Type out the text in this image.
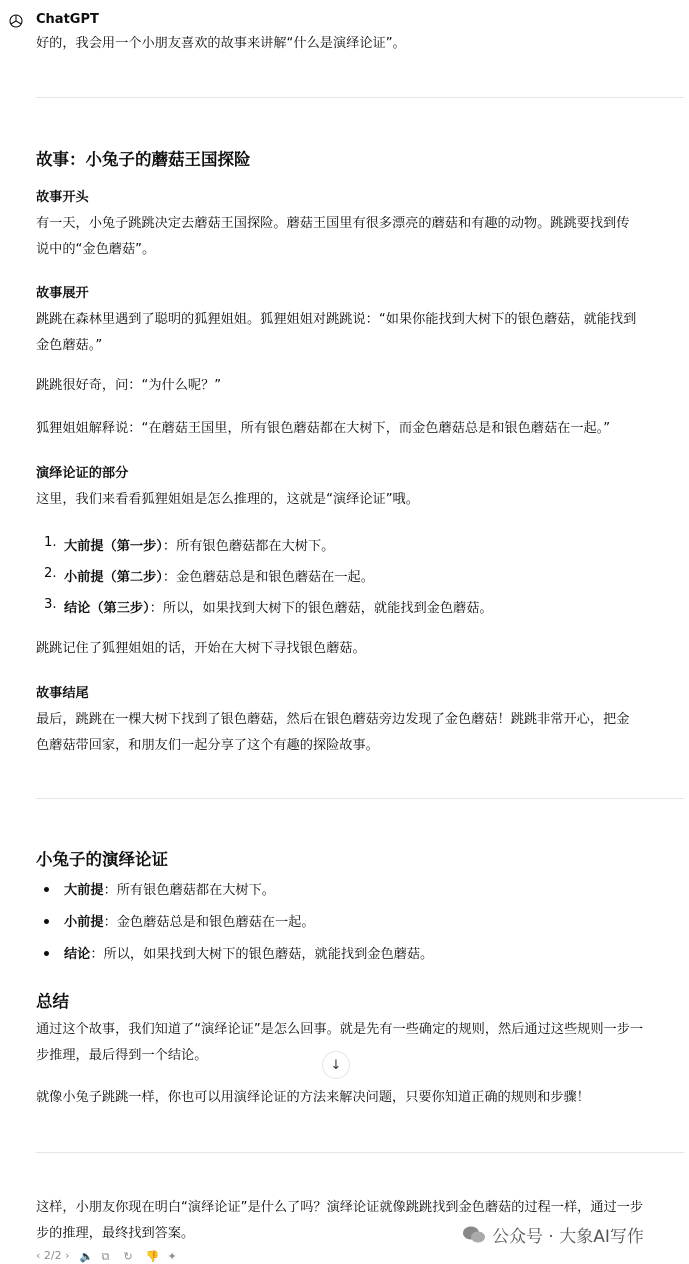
ChatGPT
好的，我会用一个小朋友喜欢的故事来讲解“什么是演绎论证”。
故事：小兔子的蘑菇王国探险
故事开头
有一天，小兔子跳跳决定去蘑菇王国探险。蘑菇王国里有很多漂亮的蘑菇和有趣的动物。跳跳要找到传
说中的“金色蘑菇”。
故事展开
跳跳在森林里遇到了聪明的狐狸姐姐。狐狸姐姐对跳跳说：“如果你能找到大树下的银色蘑菇，就能找到
金色蘑菇。”
跳跳很好奇，问：“为什么呢？”
狐狸姐姐解释说：“在蘑菇王国里，所有银色蘑菇都在大树下，而金色蘑菇总是和银色蘑菇在一起。”
演绎论证的部分
这里，我们来看看狐狸姐姐是怎么推理的，这就是“演绎论证”哦。
1. 大前提（第一步）：所有银色蘑菇都在大树下。
2. 小前提（第二步）：金色蘑菇总是和银色蘑菇在一起。
3. 结论（第三步）：所以，如果找到大树下的银色蘑菇，就能找到金色蘑菇。
跳跳记住了狐狸姐姐的话，开始在大树下寻找银色蘑菇。
故事结尾
最后，跳跳在一棵大树下找到了银色蘑菇，然后在银色蘑菇旁边发现了金色蘑菇！跳跳非常开心，把金
色蘑菇带回家，和朋友们一起分享了这个有趣的探险故事。
小兔子的演绎论证
大前提：所有银色蘑菇都在大树下。
小前提：金色蘑菇总是和银色蘑菇在一起。
结论：所以，如果找到大树下的银色蘑菇，就能找到金色蘑菇。
总结
通过这个故事，我们知道了“演绎论证”是怎么回事。就是先有一些确定的规则，然后通过这些规则一步一
步推理，最后得到一个结论。
↓
就像小兔子跳跳一样，你也可以用演绎论证的方法来解决问题，只要你知道正确的规则和步骤！
这样，小朋友你现在明白“演绎论证”是什么了吗？演绎论证就像跳跳找到金色蘑菇的过程一样，通过一步
步的推理，最终找到答案。	公众号 · 大象AI写作
‹ 2/2 › 🔈 ⧉	↻ 👎 ✦
